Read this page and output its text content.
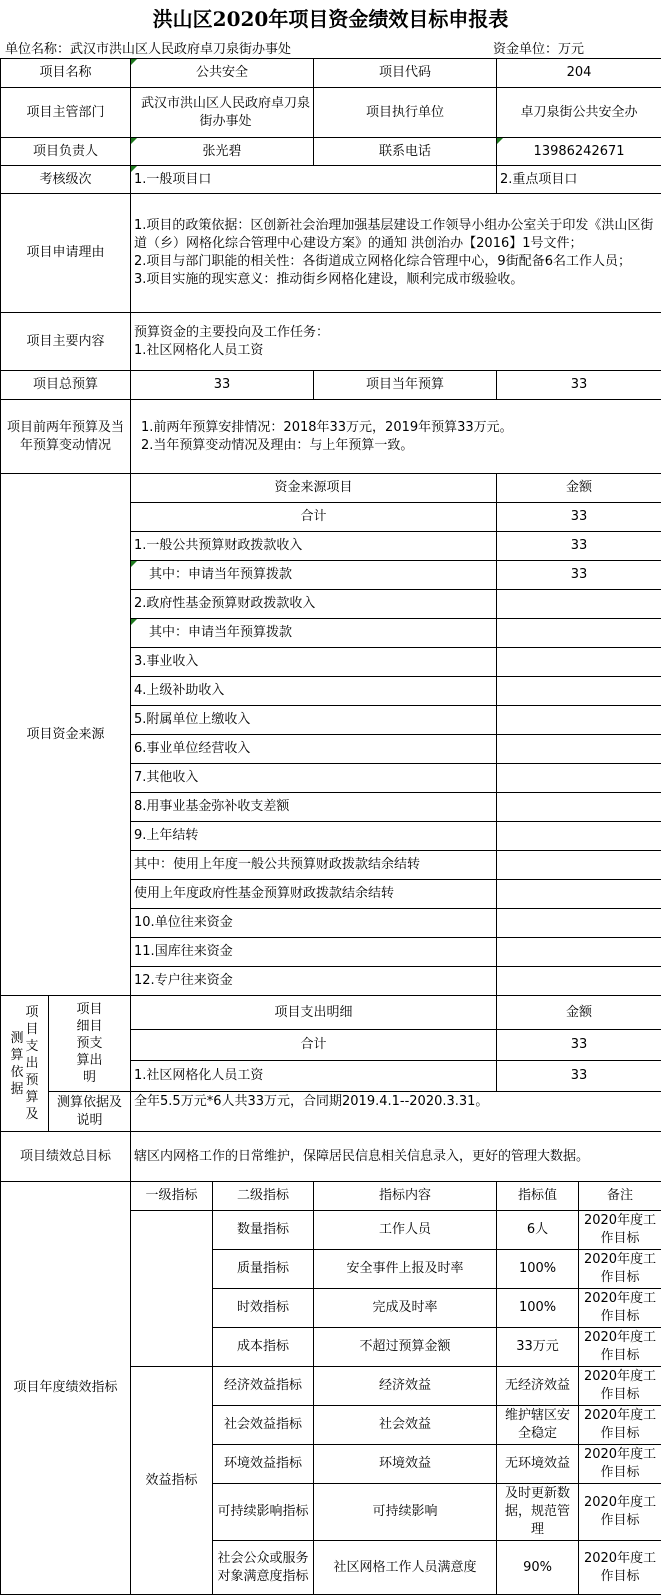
洪山区2020年项目资金绩效目标申报表
单位名称：武汉市洪山区人民政府卓刀泉街办事处	资金单位：万元
项目名称		公共安全		项目代码	204	
项目主管部门		武汉市洪山区人民政府卓刀泉街办事处		项目执行单位	卓刀泉街公共安全办	
项目负责人		张光碧		联系电话	13986242671	
考核级次		1.一般项目口			2.重点项目口	
项目申请理由		1.项目的政策依据：区创新社会治理加强基层建设工作领导小组办公室关于印发《洪山区街道（乡）网格化综合管理中心建设方案》的通知 洪创治办【2016】1号文件；
2.项目与部门职能的相关性：各街道成立网格化综合管理中心，9街配备6名工作人员；
3.项目实施的现实意义：推动街乡网格化建设，顺利完成市级验收。				

项目主要内容		预算资金的主要投向及工作任务：
1.社区网格化人员工资				

项目总预算		33		项目当年预算	33	
项目前两年预算及当年预算变动情况		1.前两年预算安排情况：2018年33万元，2019年预算33万元。
2.当年预算变动情况及理由：与上年预算一致。				

项目资金来源		资金来源项目			金额	
		合计			33	
		1.一般公共预算财政拨款收入			33	
		其中：申请当年预算拨款			33	
		2.政府性基金预算财政拨款收入				
		其中：申请当年预算拨款				
		3.事业收入				
		4.上级补助收入				
		5.附属单位上缴收入				
		6.事业单位经营收入				
		7.其他收入				
		8.用事业基金弥补收支差额				
		9.上年结转				
		其中：使用上年度一般公共预算财政拨款结余结转				
		使用上年度政府性基金预算财政拨款结余结转				
		10.单位往来资金				
		11.国库往来资金				
		12.专户往来资金				

测算依据
项目支出预算及	项目细目预支算出明	项目支出明细			金额	
		合计			33	
		1.社区网格化人员工资			33	
	测算依据及说明	全年5.5万元*6人共33万元，合同期2019.4.1--2020.3.31。				
项目绩效总目标		辖区内网格工作的日常维护，保障居民信息相关信息录入，更好的管理大数据。				
项目年度绩效指标		一级指标	二级指标	指标内容	指标值	备注
			数量指标	工作人员	6人	2020年度工作目标
			质量指标	安全事件上报及时率	100%	2020年度工作目标
			时效指标	完成及时率	100%	2020年度工作目标
			成本指标	不超过预算金额	33万元	2020年度工作目标
		效益指标	经济效益指标	经济效益	无经济效益	2020年度工作目标
			社会效益指标	社会效益	维护辖区安全稳定	2020年度工作目标
			环境效益指标	环境效益	无环境效益	2020年度工作目标
			可持续影响指标	可持续影响	及时更新数据，规范管理	2020年度工作目标
			社会公众或服务对象满意度指标	社区网格工作人员满意度	90%	2020年度工作目标
